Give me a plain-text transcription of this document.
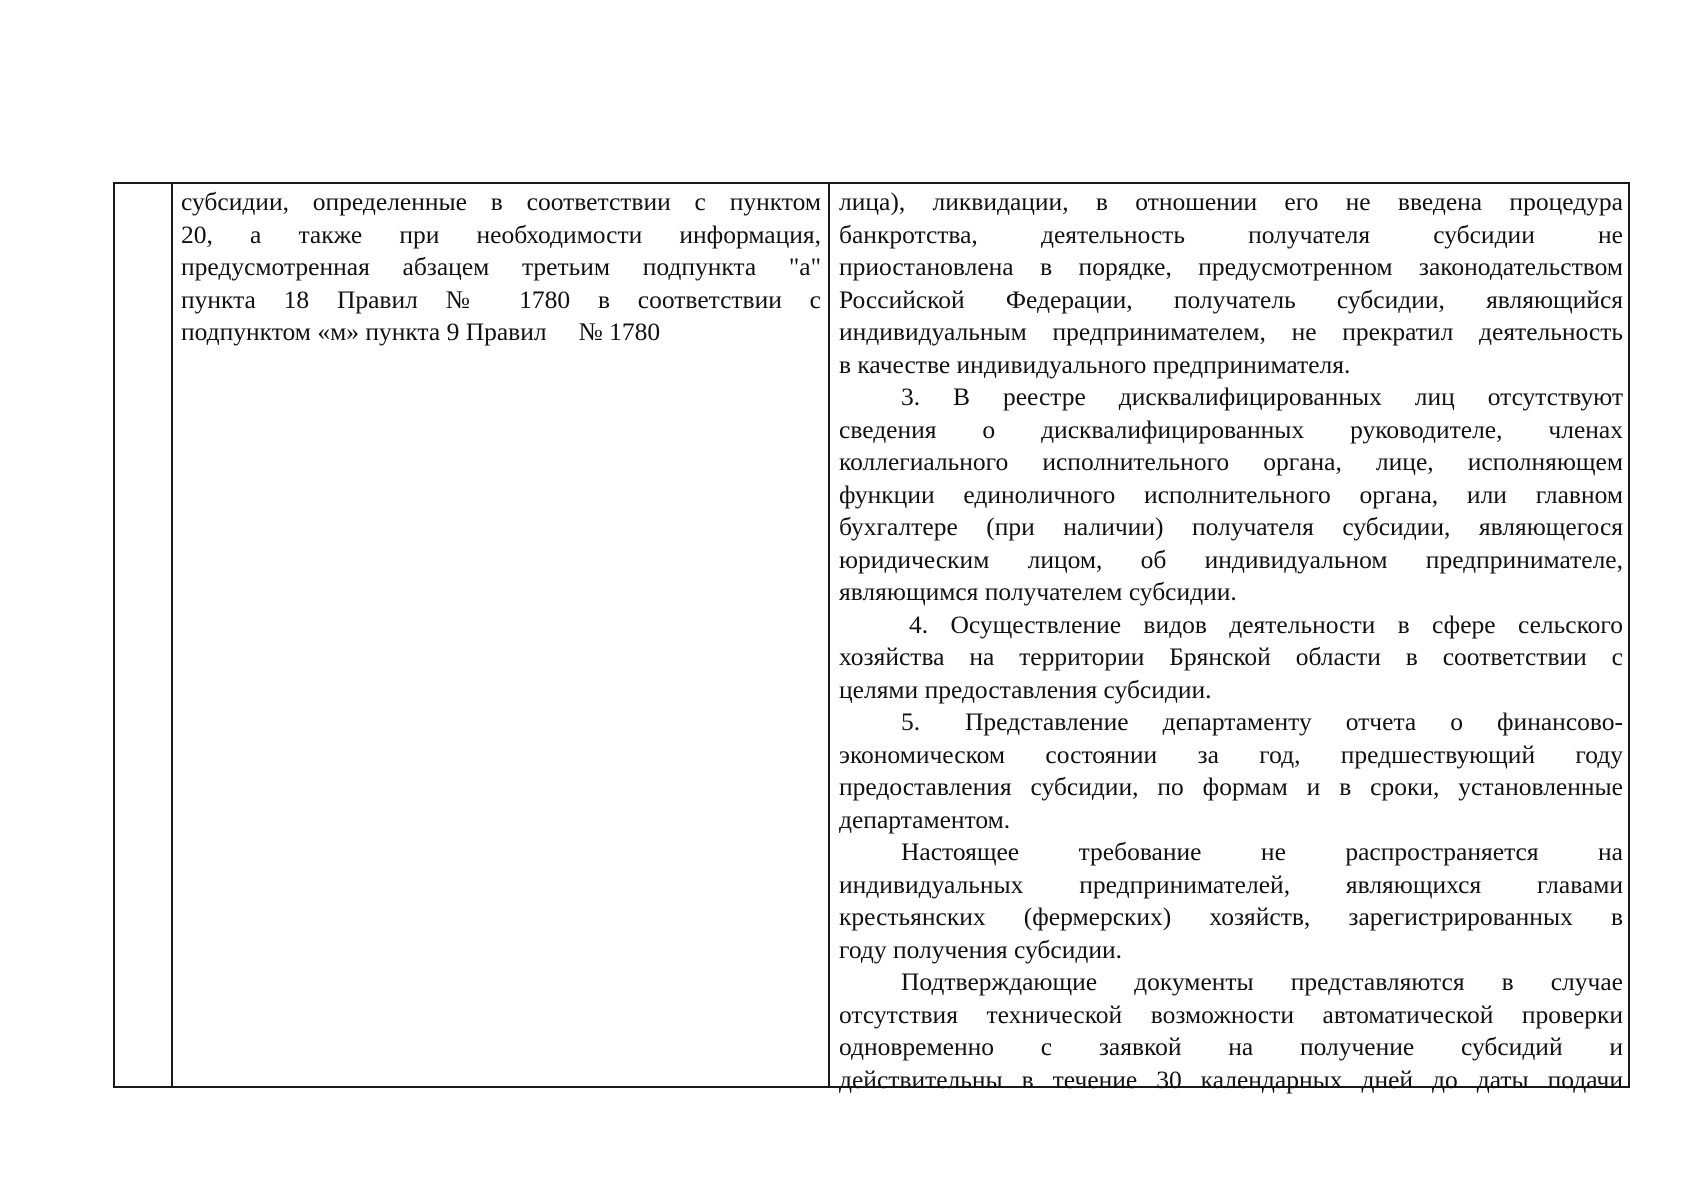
субсидии, определенные в соответствии с пунктом
20, а также при необходимости информация,
предусмотренная абзацем третьим подпункта "а"
пункта 18 Правил № 1780 в соответствии с
подпунктом «м» пункта 9 Правил     № 1780
лица), ликвидации, в отношении его не введена процедура
банкротства, деятельность получателя субсидии не
приостановлена в порядке, предусмотренном законодательством
Российской Федерации, получатель субсидии, являющийся
индивидуальным предпринимателем, не прекратил деятельность
в качестве индивидуального предпринимателя.
3. В реестре дисквалифицированных лиц отсутствуют
сведения о дисквалифицированных руководителе, членах
коллегиального исполнительного органа, лице, исполняющем
функции единоличного исполнительного органа, или главном
бухгалтере (при наличии) получателя субсидии, являющегося
юридическим лицом, об индивидуальном предпринимателе,
являющимся получателем субсидии.
4. Осуществление видов деятельности в сфере сельского
хозяйства на территории Брянской области в соответствии с
целями предоставления субсидии.
5.	Представление департаменту отчета о финансово-
экономическом состоянии за год, предшествующий году
предоставления субсидии, по формам и в сроки, установленные
департаментом.
Настоящее требование не распространяется на
индивидуальных предпринимателей, являющихся главами
крестьянских (фермерских) хозяйств, зарегистрированных в
году получения субсидии.
Подтверждающие документы представляются в случае
отсутствия технической возможности автоматической проверки
одновременно с заявкой на получение субсидий и
действительны в течение 30 календарных дней до даты подачи
